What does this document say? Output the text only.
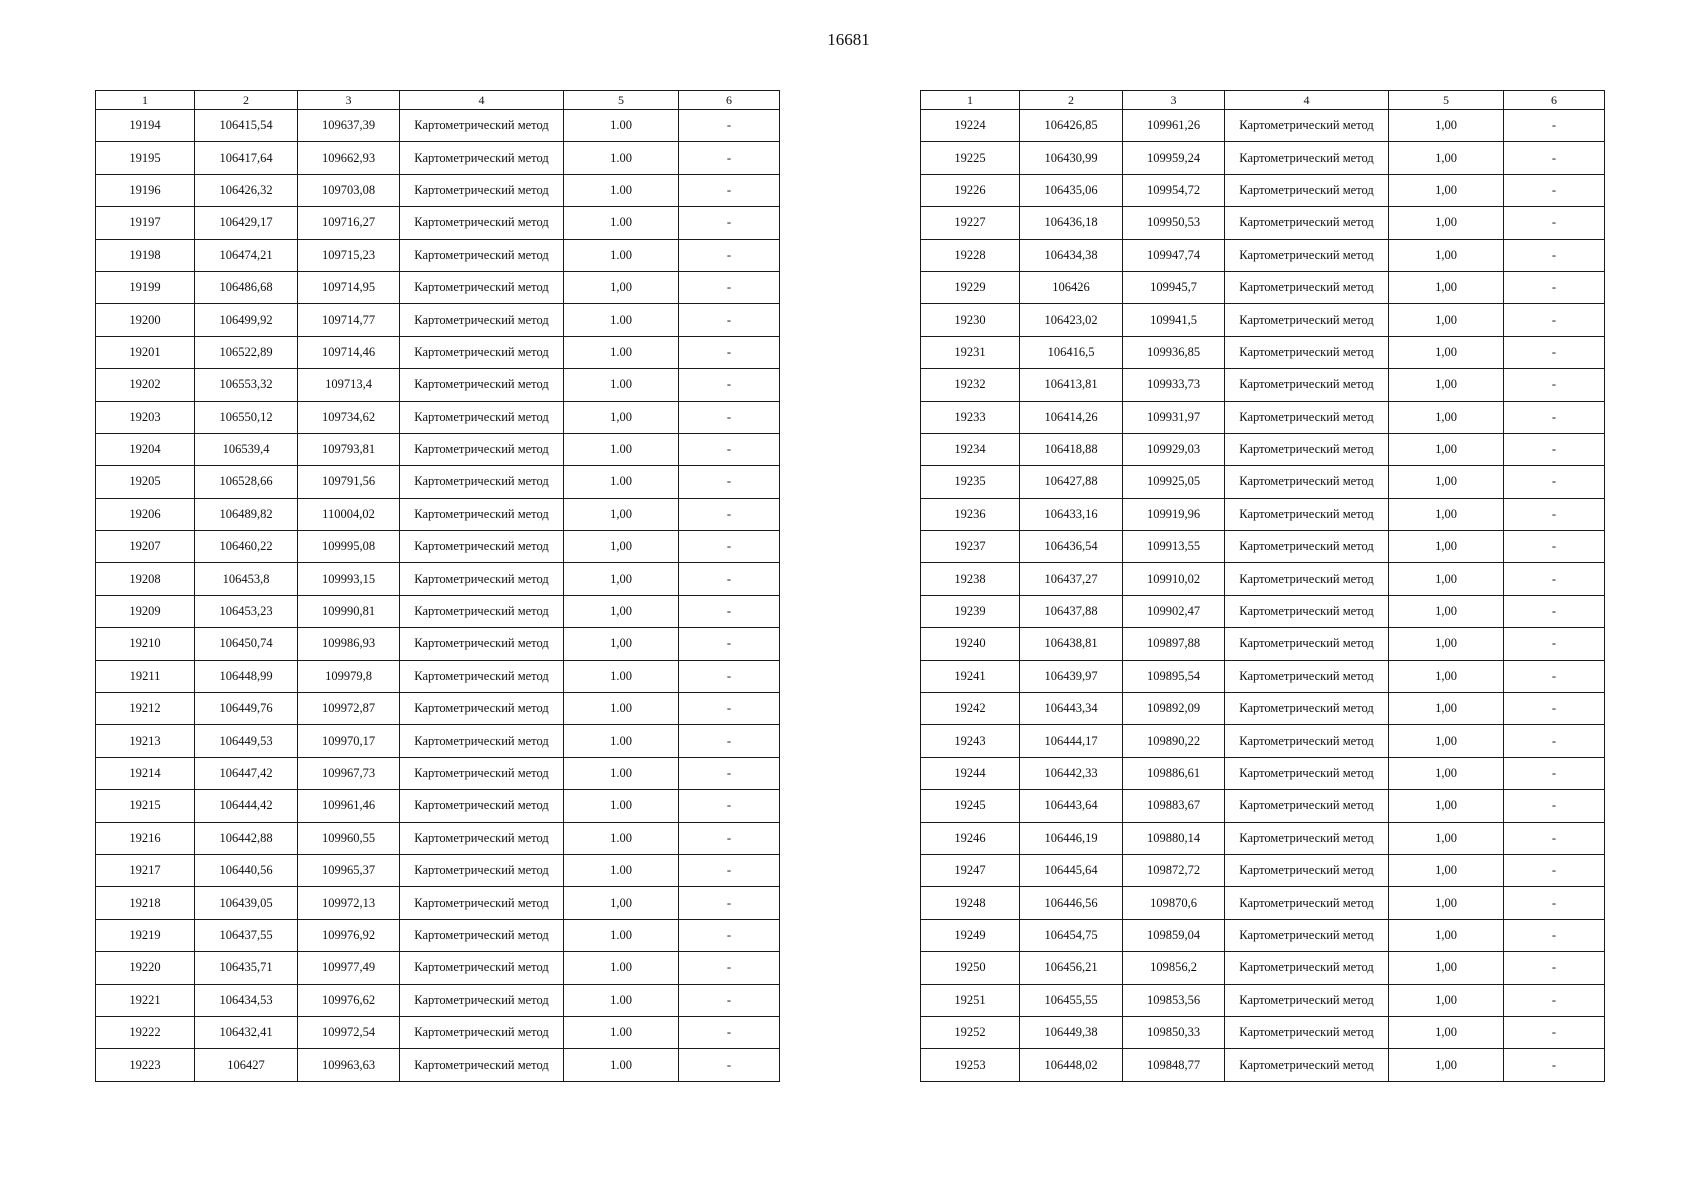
16681
1	2	3	4	5	6
19194	106415,54	109637,39	Картометрический метод	1.00	-
19195	106417,64	109662,93	Картометрический метод	1.00	-
19196	106426,32	109703,08	Картометрический метод	1.00	-
19197	106429,17	109716,27	Картометрический метод	1.00	-
19198	106474,21	109715,23	Картометрический метод	1.00	-
19199	106486,68	109714,95	Картометрический метод	1,00	-
19200	106499,92	109714,77	Картометрический метод	1.00	-
19201	106522,89	109714,46	Картометрический метод	1.00	-
19202	106553,32	109713,4	Картометрический метод	1.00	-
19203	106550,12	109734,62	Картометрический метод	1,00	-
19204	106539,4	109793,81	Картометрический метод	1.00	-
19205	106528,66	109791,56	Картометрический метод	1.00	-
19206	106489,82	110004,02	Картометрический метод	1,00	-
19207	106460,22	109995,08	Картометрический метод	1,00	-
19208	106453,8	109993,15	Картометрический метод	1,00	-
19209	106453,23	109990,81	Картометрический метод	1,00	-
19210	106450,74	109986,93	Картометрический метод	1,00	-
19211	106448,99	109979,8	Картометрический метод	1.00	-
19212	106449,76	109972,87	Картометрический метод	1.00	-
19213	106449,53	109970,17	Картометрический метод	1.00	-
19214	106447,42	109967,73	Картометрический метод	1.00	-
19215	106444,42	109961,46	Картометрический метод	1.00	-
19216	106442,88	109960,55	Картометрический метод	1.00	-
19217	106440,56	109965,37	Картометрический метод	1.00	-
19218	106439,05	109972,13	Картометрический метод	1,00	-
19219	106437,55	109976,92	Картометрический метод	1.00	-
19220	106435,71	109977,49	Картометрический метод	1.00	-
19221	106434,53	109976,62	Картометрический метод	1.00	-
19222	106432,41	109972,54	Картометрический метод	1.00	-
19223	106427	109963,63	Картометрический метод	1.00	-
1	2	3	4	5	6
19224	106426,85	109961,26	Картометрический метод	1,00	-
19225	106430,99	109959,24	Картометрический метод	1,00	-
19226	106435,06	109954,72	Картометрический метод	1,00	-
19227	106436,18	109950,53	Картометрический метод	1,00	-
19228	106434,38	109947,74	Картометрический метод	1,00	-
19229	106426	109945,7	Картометрический метод	1,00	-
19230	106423,02	109941,5	Картометрический метод	1,00	-
19231	106416,5	109936,85	Картометрический метод	1,00	-
19232	106413,81	109933,73	Картометрический метод	1,00	-
19233	106414,26	109931,97	Картометрический метод	1,00	-
19234	106418,88	109929,03	Картометрический метод	1,00	-
19235	106427,88	109925,05	Картометрический метод	1,00	-
19236	106433,16	109919,96	Картометрический метод	1,00	-
19237	106436,54	109913,55	Картометрический метод	1,00	-
19238	106437,27	109910,02	Картометрический метод	1,00	-
19239	106437,88	109902,47	Картометрический метод	1,00	-
19240	106438,81	109897,88	Картометрический метод	1,00	-
19241	106439,97	109895,54	Картометрический метод	1,00	-
19242	106443,34	109892,09	Картометрический метод	1,00	-
19243	106444,17	109890,22	Картометрический метод	1,00	-
19244	106442,33	109886,61	Картометрический метод	1,00	-
19245	106443,64	109883,67	Картометрический метод	1,00	-
19246	106446,19	109880,14	Картометрический метод	1,00	-
19247	106445,64	109872,72	Картометрический метод	1,00	-
19248	106446,56	109870,6	Картометрический метод	1,00	-
19249	106454,75	109859,04	Картометрический метод	1,00	-
19250	106456,21	109856,2	Картометрический метод	1,00	-
19251	106455,55	109853,56	Картометрический метод	1,00	-
19252	106449,38	109850,33	Картометрический метод	1,00	-
19253	106448,02	109848,77	Картометрический метод	1,00	-
